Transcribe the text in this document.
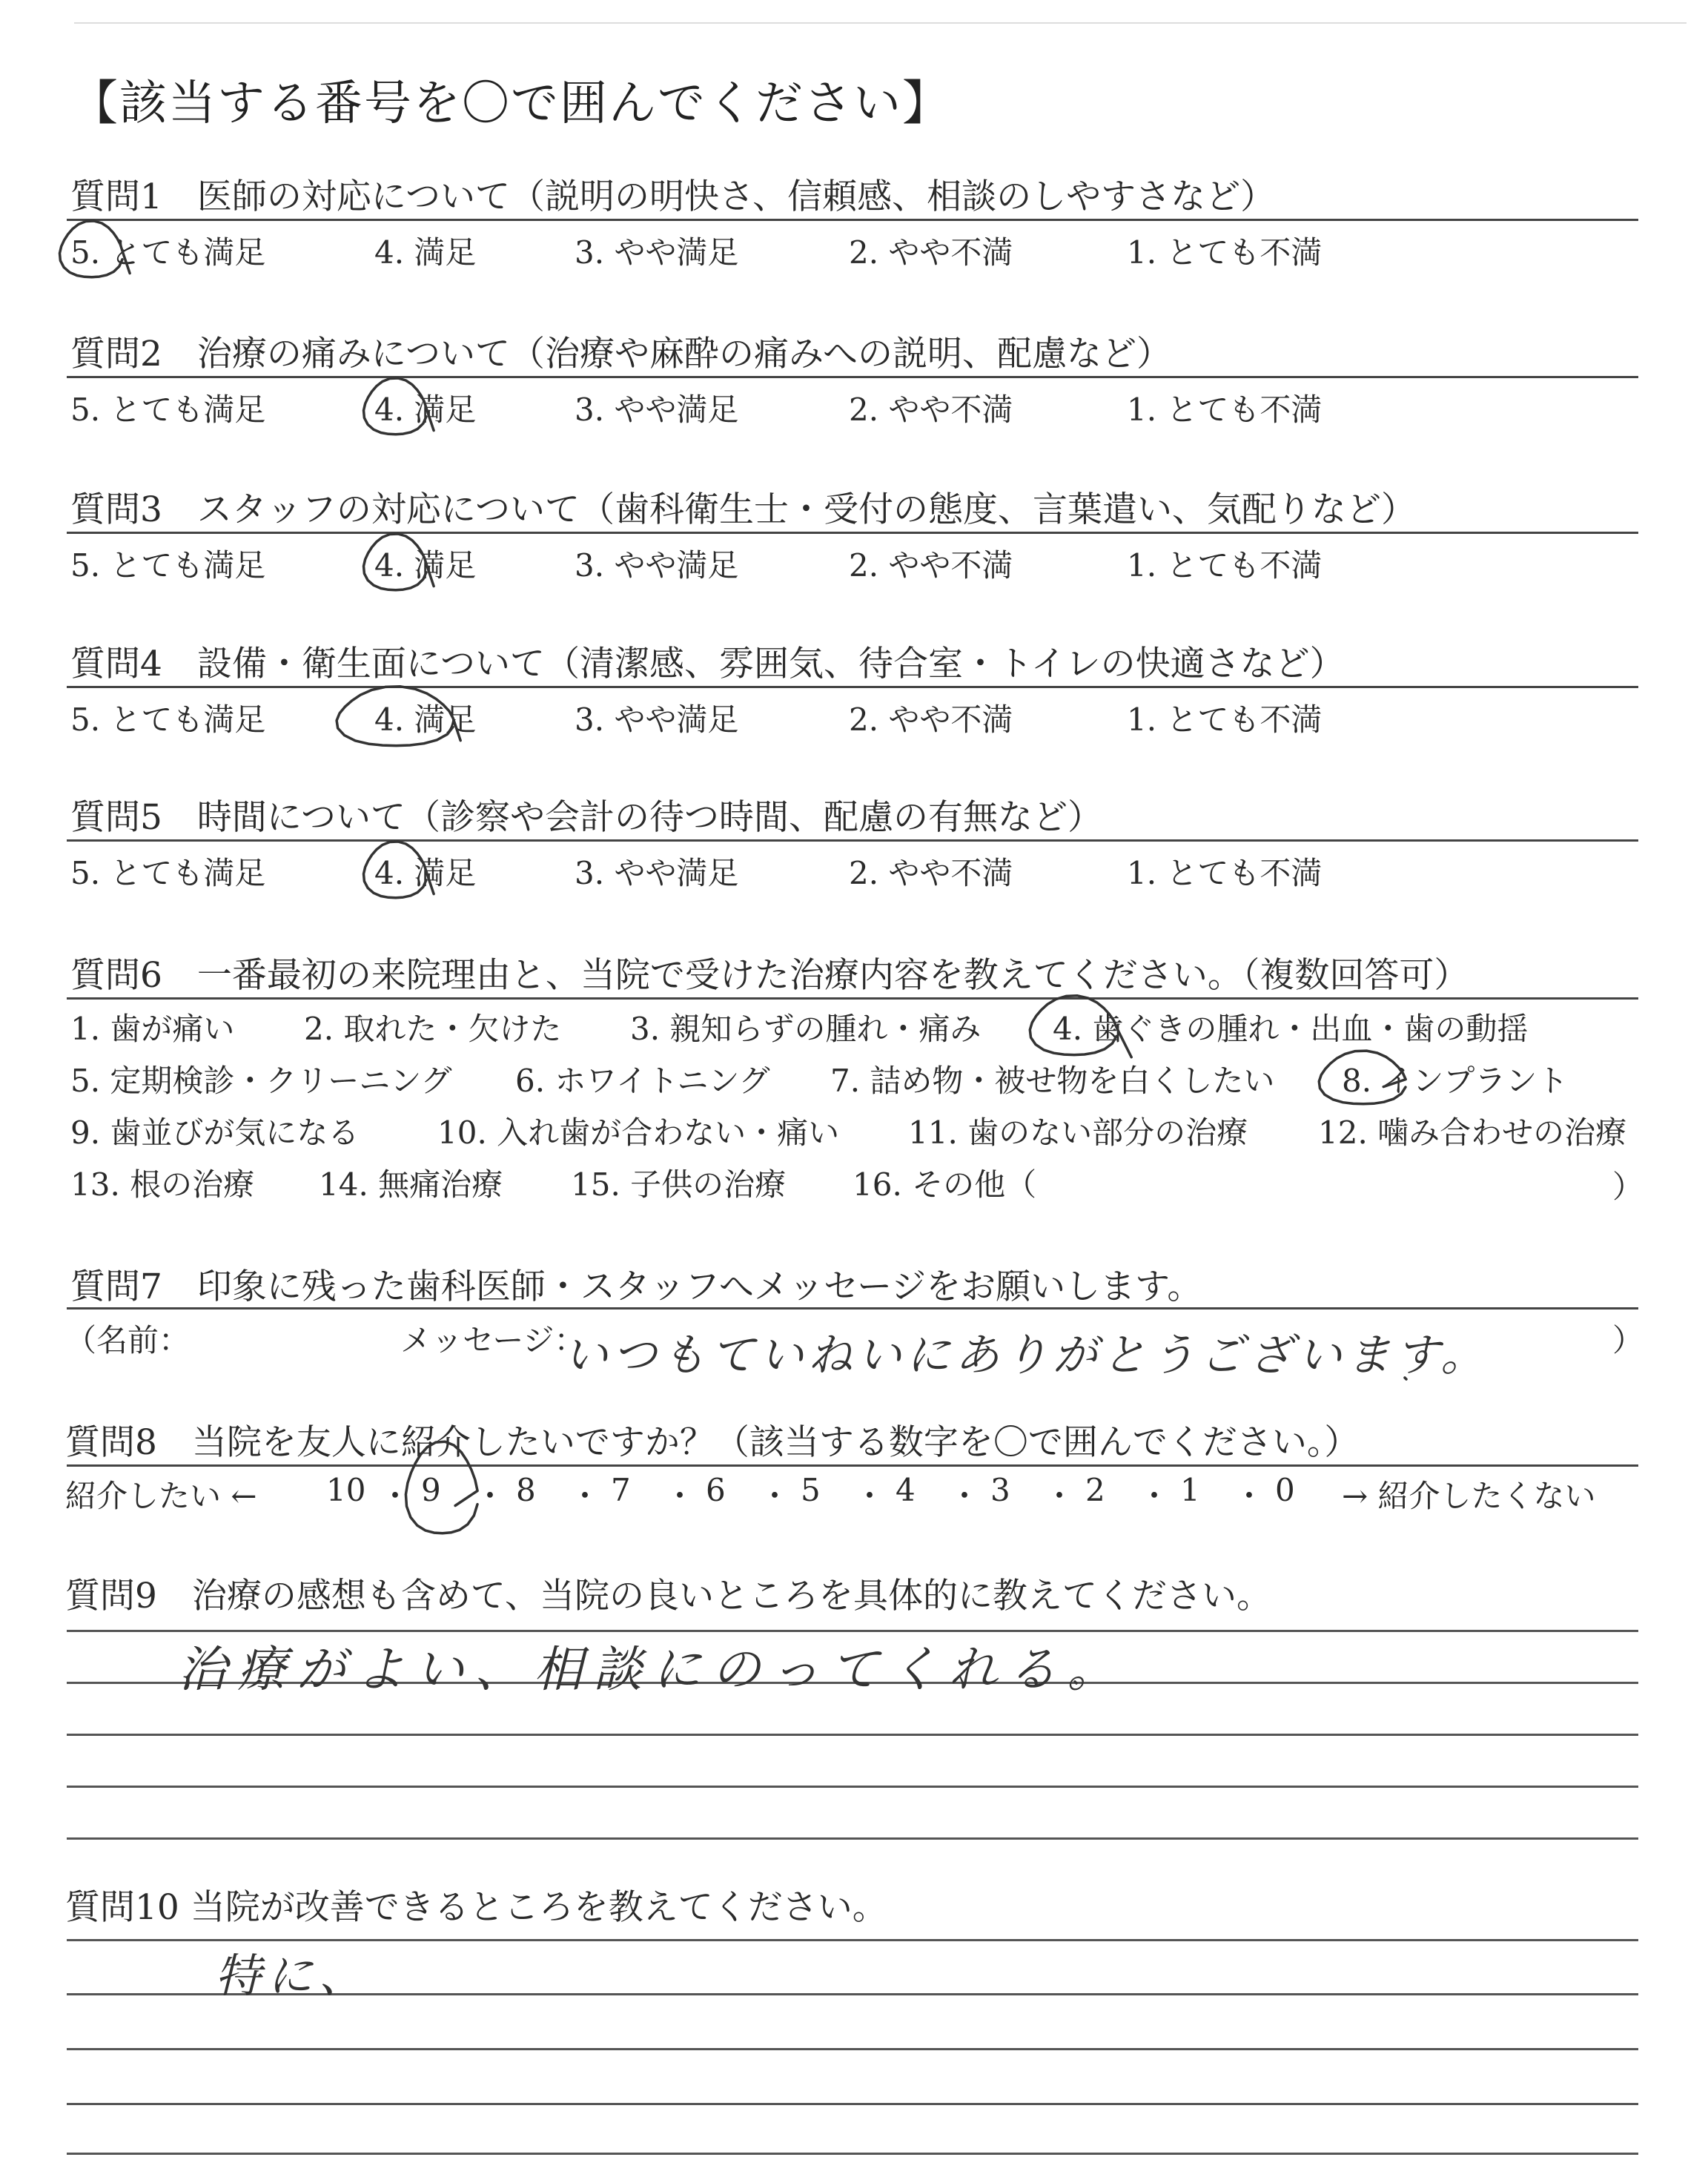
【該当する番号を〇で囲んでください】
質問1　医師の対応について（説明の明快さ、信頼感、相談のしやすさなど）
5. とても満足	4. 満足	3. やや満足	2. やや不満	1. とても不満
質問2　治療の痛みについて（治療や麻酔の痛みへの説明、配慮など）
5. とても満足	4. 満足	3. やや満足	2. やや不満	1. とても不満
質問3　スタッフの対応について（歯科衛生士・受付の態度、言葉遣い、気配りなど）
5. とても満足	4. 満足	3. やや満足	2. やや不満	1. とても不満
質問4　設備・衛生面について（清潔感、雰囲気、待合室・トイレの快適さなど）
5. とても満足	4. 満足	3. やや満足	2. やや不満	1. とても不満
質問5　時間について（診察や会計の待つ時間、配慮の有無など）
5. とても満足	4. 満足	3. やや満足	2. やや不満	1. とても不満
質問6　一番最初の来院理由と、当院で受けた治療内容を教えてください。（複数回答可）
1. 歯が痛い 2. 取れた・欠けた 3. 親知らずの腫れ・痛み 4. 歯ぐきの腫れ・出血・歯の動揺
5. 定期検診・クリーニング 6. ホワイトニング 7. 詰め物・被せ物を白くしたい 8. インプラント
9. 歯並びが気になる	10. 入れ歯が合わない・痛い 11. 歯のない部分の治療 12. 噛み合わせの治療
13. 根の治療 14. 無痛治療 15. 子供の治療 16. その他（	）
質問7　印象に残った歯科医師・スタッフへメッセージをお願いします。
（名前：	メッセージ：
いつもていねいにありがとうございます。	）
質問8　当院を友人に紹介したいですか？（該当する数字を〇で囲んでください。）
紹介したい ← 10 ・ 9 ・ 8 ・ 7 ・ 6 ・ 5 ・ 4 ・ 3 ・ 2 ・ 1 ・ 0 → 紹介したくない
質問9　治療の感想も含めて、当院の良いところを具体的に教えてください。
治療がよい、相談にのってくれる。
質問10 当院が改善できるところを教えてください。
特に、
